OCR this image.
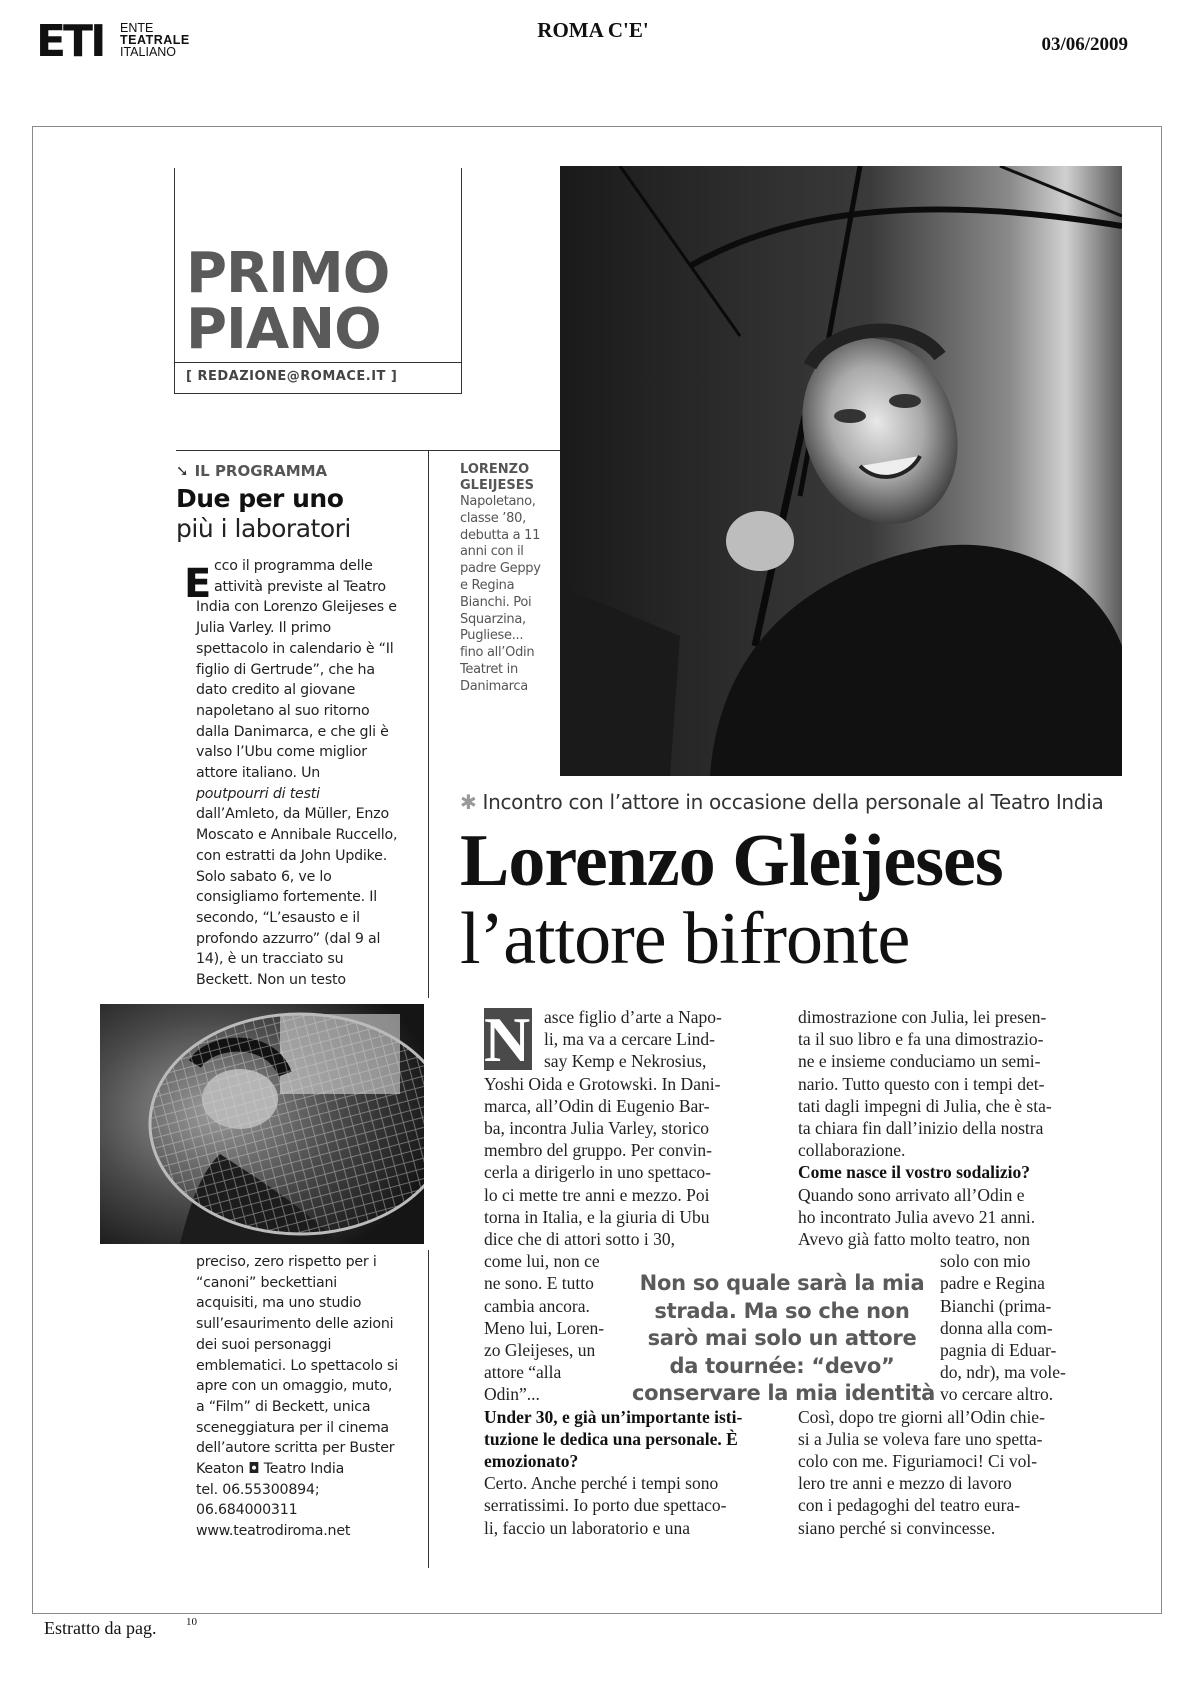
ETI ENTE
TEATRALE
ITALIANO
ROMA C'E'
03/06/2009
PRIMO
PIANO
[ REDAZIONE@ROMACE.IT ]
➘ IL PROGRAMMA
Due per uno
più i laboratori
E cco il programma delle
attività previste al Teatro
India con Lorenzo Gleijeses e
Julia Varley. Il primo
spettacolo in calendario è “Il
figlio di Gertrude”, che ha
dato credito al giovane
napoletano al suo ritorno
dalla Danimarca, e che gli è
valso l’Ubu come miglior
attore italiano. Un
poutpourri di testi
dall’Amleto, da Müller, Enzo
Moscato e Annibale Ruccello,
con estratti da John Updike.
Solo sabato 6, ve lo
consigliamo fortemente. Il
secondo, “L’esausto e il
profondo azzurro” (dal 9 al
14), è un tracciato su
Beckett. Non un testo
preciso, zero rispetto per i
“canoni” beckettiani
acquisiti, ma uno studio
sull’esaurimento delle azioni
dei suoi personaggi
emblematici. Lo spettacolo si
apre con un omaggio, muto,
a “Film” di Beckett, unica
sceneggiatura per il cinema
dell’autore scritta per Buster
Keaton ◘ Teatro India
tel. 06.55300894;
06.684000311
www.teatrodiroma.net
LORENZO
GLEIJESES
Napoletano,
classe ’80,
debutta a 11
anni con il
padre Geppy
e Regina
Bianchi. Poi
Squarzina,
Pugliese...
fino all’Odin
Teatret in
Danimarca
✱ Incontro con l’attore in occasione della personale al Teatro India
Lorenzo Gleijeses
l’attore bifronte
N asce figlio d’arte a Napo-
li, ma va a cercare Lind-
say Kemp e Nekrosius,
Yoshi Oida e Grotowski. In Dani-
marca, all’Odin di Eugenio Bar-
ba, incontra Julia Varley, storico
membro del gruppo. Per convin-
cerla a dirigerlo in uno spettaco-
lo ci mette tre anni e mezzo. Poi
torna in Italia, e la giuria di Ubu
dice che di attori sotto i 30,
come lui, non ce
ne sono. E tutto
cambia ancora.
Meno lui, Loren-
zo Gleijeses, un
attore “alla
Odin”...
Under 30, e già un’importante isti-
tuzione le dedica una personale. È
emozionato?
Certo. Anche perché i tempi sono
serratissimi. Io porto due spettaco-
li, faccio un laboratorio e una
dimostrazione con Julia, lei presen-
ta il suo libro e fa una dimostrazio-
ne e insieme conduciamo un semi-
nario. Tutto questo con i tempi det-
tati dagli impegni di Julia, che è sta-
ta chiara fin dall’inizio della nostra
collaborazione.
Come nasce il vostro sodalizio?
Quando sono arrivato all’Odin e
ho incontrato Julia avevo 21 anni.
Avevo già fatto molto teatro, non
solo con mio
padre e Regina
Bianchi (prima-
donna alla com-
pagnia di Eduar-
do, ndr), ma vole-
vo cercare altro.
Così, dopo tre giorni all’Odin chie-
si a Julia se voleva fare uno spetta-
colo con me. Figuriamoci! Ci vol-
lero tre anni e mezzo di lavoro
con i pedagoghi del teatro eura-
siano perché si convincesse.
Non so quale sarà la mia
strada. Ma so che non
sarò mai solo un attore
da tournée: “devo”
conservare la mia identità
Estratto da pag.	10
